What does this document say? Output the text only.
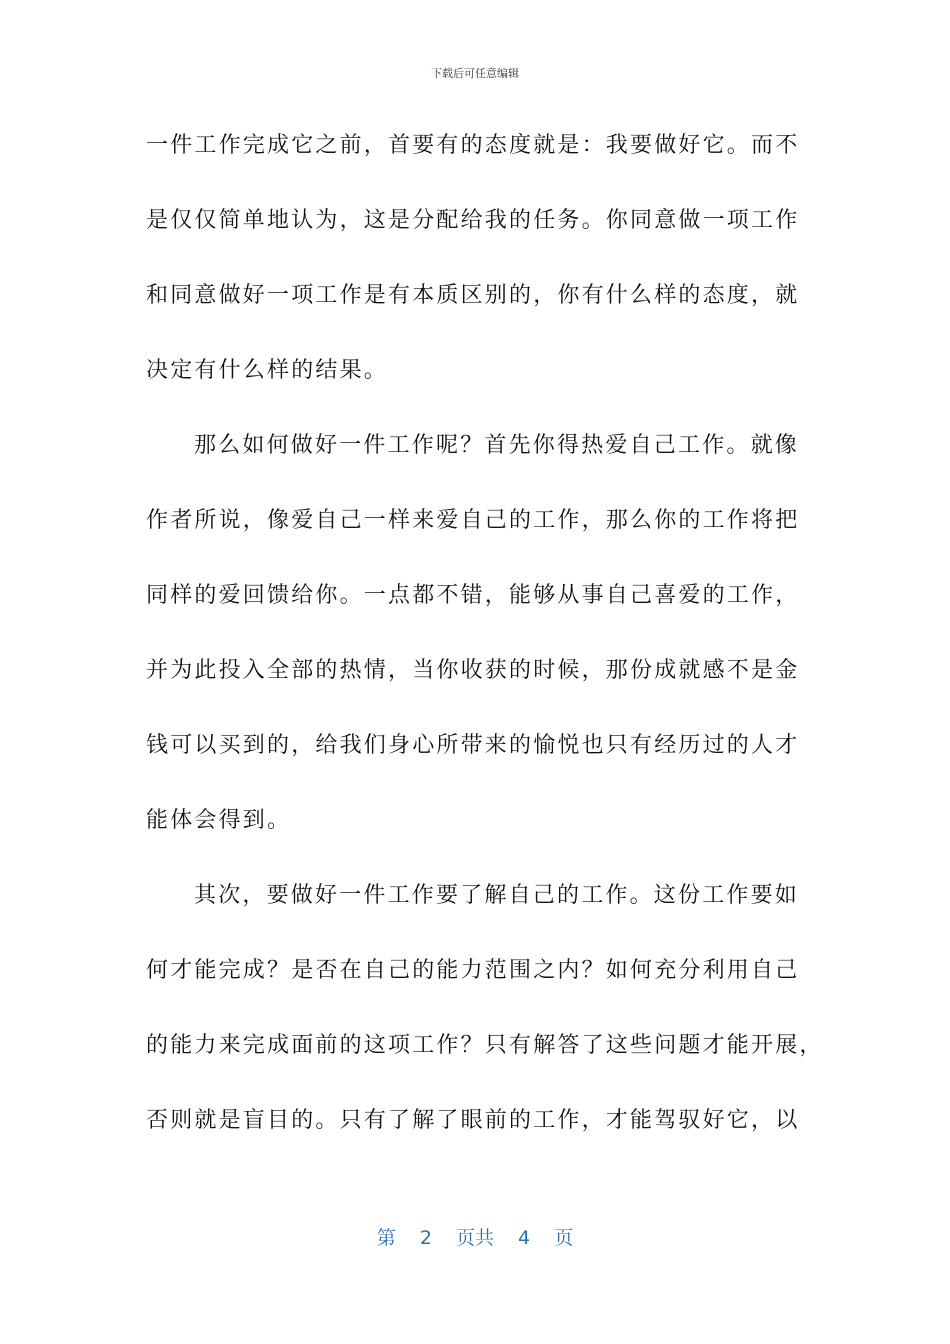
下载后可任意编辑
一件工作完成它之前，首要有的态度就是：我要做好它。而不
是仅仅简单地认为，这是分配给我的任务。你同意做一项工作
和同意做好一项工作是有本质区别的，你有什么样的态度，就
决定有什么样的结果。
那么如何做好一件工作呢？首先你得热爱自己工作。就像
作者所说，像爱自己一样来爱自己的工作，那么你的工作将把
同样的爱回馈给你。一点都不错，能够从事自己喜爱的工作，
并为此投入全部的热情，当你收获的时候，那份成就感不是金
钱可以买到的，给我们身心所带来的愉悦也只有经历过的人才
能体会得到。
其次，要做好一件工作要了解自己的工作。这份工作要如
何才能完成？是否在自己的能力范围之内？如何充分利用自己
的能力来完成面前的这项工作？只有解答了这些问题才能开展，
否则就是盲目的。只有了解了眼前的工作，才能驾驭好它，以
第 2 页共 4 页
